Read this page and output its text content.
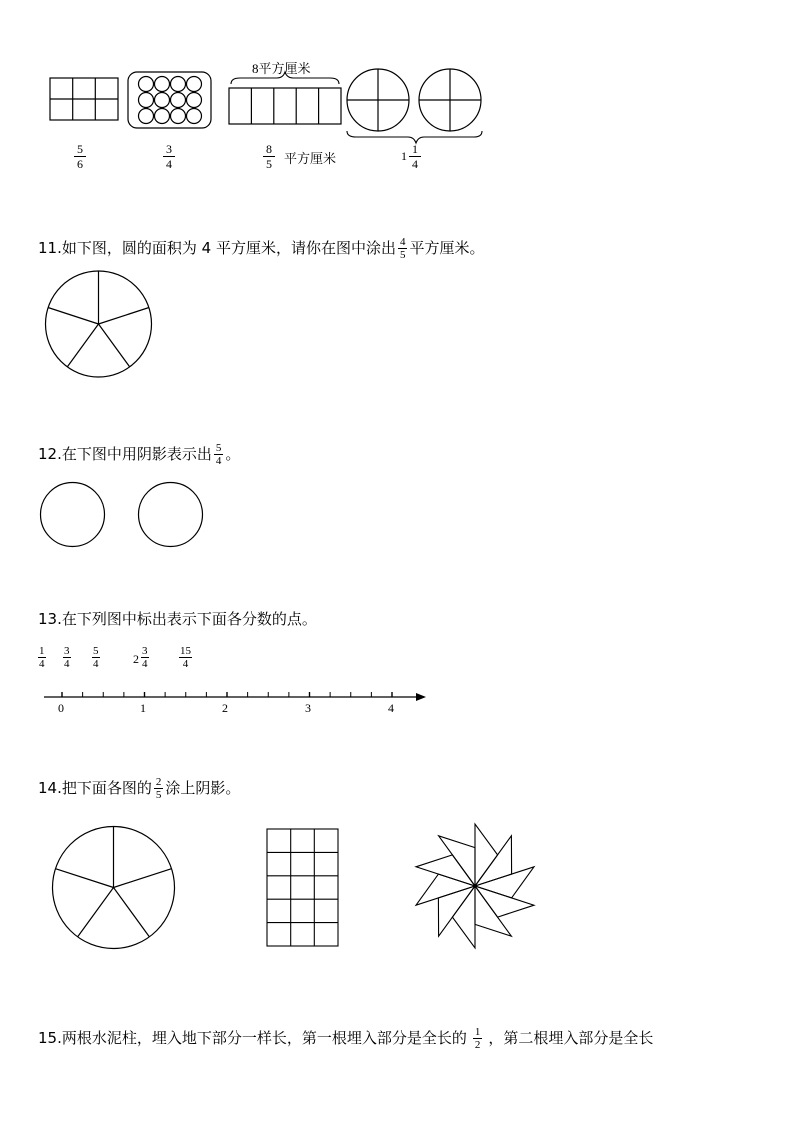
8平方厘米
$\frac{5}{6}$	$\frac{3}{4}$	$\frac{8}{5}$ 平方厘米	$1 \frac{1}{4}$
11.如下图，圆的面积为 4 平方厘米，请你在图中涂出 $\frac{4}{5}$ 平方厘米。
12.在下图中用阴影表示出 $\frac{5}{4}$ 。
13.在下列图中标出表示下面各分数的点。
$\frac{1}{4} \frac{3}{4} \frac{5}{4}$	$2 \frac{3}{4}$	$\frac{15}{4}$
0	1	2	3	4
14.把下面各图的 $\frac{2}{5}$ 涂上阴影。
15.两根水泥柱，埋入地下部分一样长，第一根埋入部分是全长的 $\frac{1}{2}$ ，第二根埋入部分是全长
